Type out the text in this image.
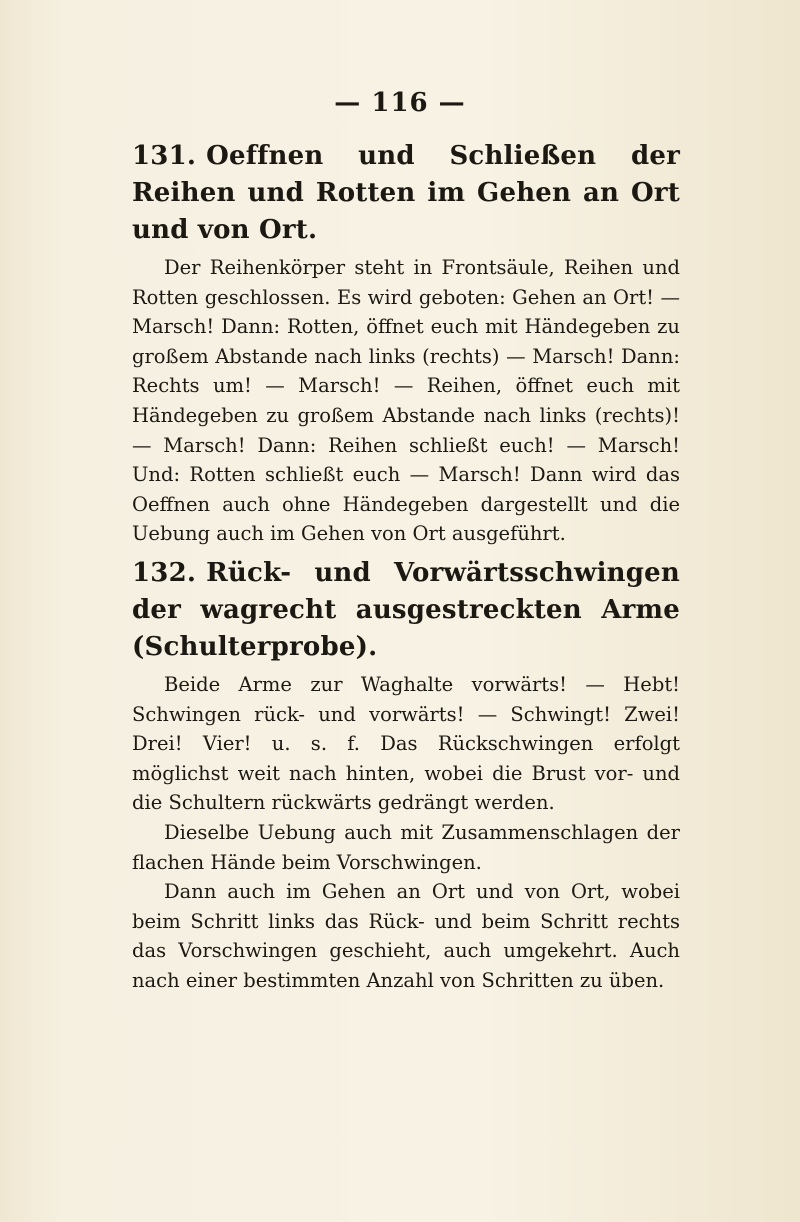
— 116 —
131. Oeffnen und Schließen der Reihen und Rotten im Gehen an Ort und von Ort.

Der Reihenkörper steht in Frontsäule, Reihen und Rotten geschlossen. Es wird geboten: Gehen an Ort! — Marsch! Dann: Rotten, öffnet euch mit Händegeben zu großem Abstande nach links (rechts) — Marsch! Dann: Rechts um! — Marsch! — Reihen, öffnet euch mit Händegeben zu großem Abstande nach links (rechts)! — Marsch! Dann: Reihen schließt euch! — Marsch! Und: Rotten schließt euch — Marsch! Dann wird das Oeffnen auch ohne Händegeben dargestellt und die Uebung auch im Gehen von Ort ausgeführt.

132. Rück- und Vorwärtsschwingen der wagrecht ausgestreckten Arme (Schulterprobe).

Beide Arme zur Waghalte vorwärts! — Hebt! Schwingen rück- und vorwärts! — Schwingt! Zwei! Drei! Vier! u. s. f. Das Rückschwingen erfolgt möglichst weit nach hinten, wobei die Brust vor- und die Schultern rückwärts gedrängt werden.

Dieselbe Uebung auch mit Zusammenschlagen der flachen Hände beim Vorschwingen.

Dann auch im Gehen an Ort und von Ort, wobei beim Schritt links das Rück- und beim Schritt rechts das Vorschwingen geschieht, auch umgekehrt. Auch nach einer bestimmten Anzahl von Schritten zu üben.
